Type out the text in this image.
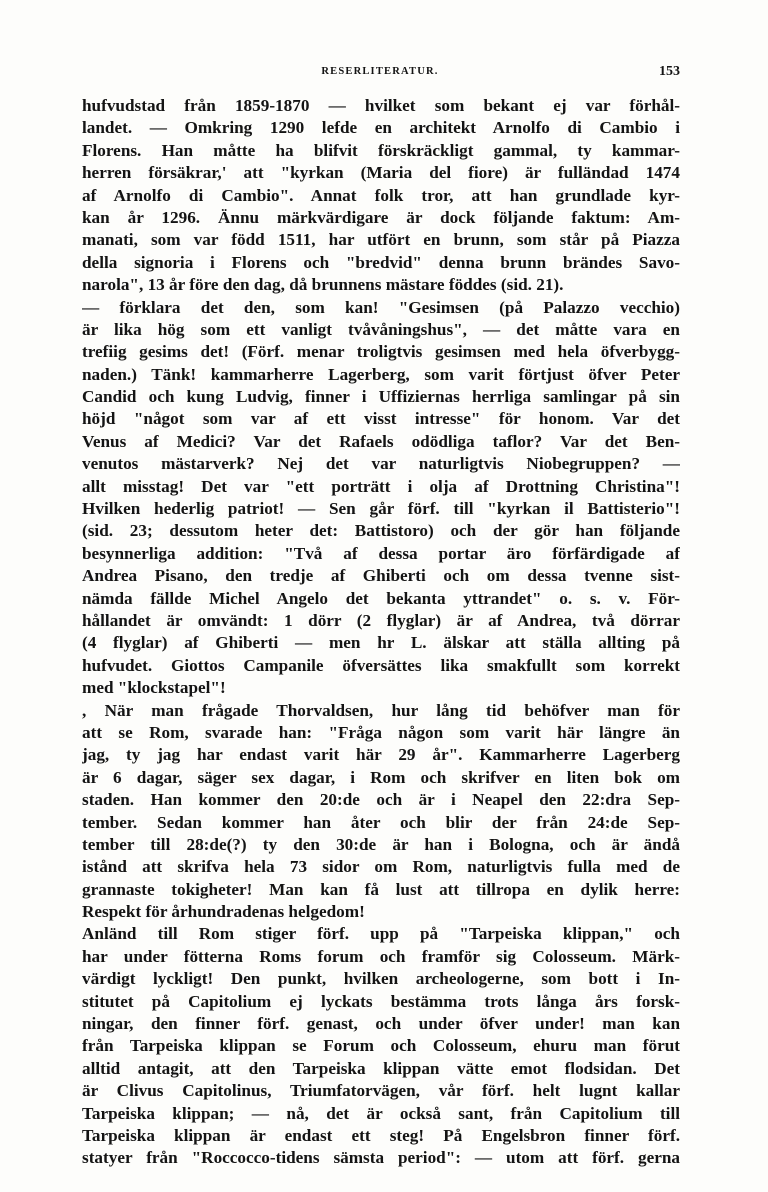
RESERLITERATUR.	153
hufvudstad från 1859-1870 — hvilket som bekant ej var förhål-
landet. — Omkring 1290 lefde en architekt Arnolfo di Cambio i
Florens. Han måtte ha blifvit förskräckligt gammal, ty kammar-
herren försäkrar,' att "kyrkan (Maria del fiore) är fulländad 1474
af Arnolfo di Cambio". Annat folk tror, att han grundlade kyr-
kan år 1296. Ännu märkvärdigare är dock följande faktum: Am-
manati, som var född 1511, har utfört en brunn, som står på Piazza
della signoria i Florens och "bredvid" denna brunn brändes Savo-
narola", 13 år före den dag, då brunnens mästare föddes (sid. 21).
— förklara det den, som kan! "Gesimsen (på Palazzo vecchio)
är lika hög som ett vanligt tvåvåningshus", — det måtte vara en
trefiig gesims det! (Förf. menar troligtvis gesimsen med hela öfverbygg-
naden.) Tänk! kammarherre Lagerberg, som varit förtjust öfver Peter
Candid och kung Ludvig, finner i Uffiziernas herrliga samlingar på sin
höjd "något som var af ett visst intresse" för honom. Var det
Venus af Medici? Var det Rafaels odödliga taflor? Var det Ben-
venutos mästarverk? Nej det var naturligtvis Niobegruppen? —
allt misstag! Det var "ett porträtt i olja af Drottning Christina"!
Hvilken hederlig patriot! — Sen går förf. till "kyrkan il Battisterio"!
(sid. 23; dessutom heter det: Battistoro) och der gör han följande
besynnerliga addition: "Två af dessa portar äro förfärdigade af
Andrea Pisano, den tredje af Ghiberti och om dessa tvenne sist-
nämda fällde Michel Angelo det bekanta yttrandet" o. s. v. För-
hållandet är omvändt: 1 dörr (2 flyglar) är af Andrea, två dörrar
(4 flyglar) af Ghiberti — men hr L. älskar att ställa allting på
hufvudet. Giottos Campanile öfversättes lika smakfullt som korrekt
med "klockstapel"!
, När man frågade Thorvaldsen, hur lång tid behöfver man för
att se Rom, svarade han: "Fråga någon som varit här längre än
jag, ty jag har endast varit här 29 år". Kammarherre Lagerberg
är 6 dagar, säger sex dagar, i Rom och skrifver en liten bok om
staden. Han kommer den 20:de och är i Neapel den 22:dra Sep-
tember. Sedan kommer han åter och blir der från 24:de Sep-
tember till 28:de(?) ty den 30:de är han i Bologna, och är ändå
istånd att skrifva hela 73 sidor om Rom, naturligtvis fulla med de
grannaste tokigheter! Man kan få lust att tillropa en dylik herre:
Respekt för århundradenas helgedom!
Anländ till Rom stiger förf. upp på "Tarpeiska klippan," och
har under fötterna Roms forum och framför sig Colosseum. Märk-
värdigt lyckligt! Den punkt, hvilken archeologerne, som bott i In-
stitutet på Capitolium ej lyckats bestämma trots långa års forsk-
ningar, den finner förf. genast, och under öfver under! man kan
från Tarpeiska klippan se Forum och Colosseum, ehuru man förut
alltid antagit, att den Tarpeiska klippan vätte emot flodsidan. Det
är Clivus Capitolinus, Triumfatorvägen, vår förf. helt lugnt kallar
Tarpeiska klippan; — nå, det är också sant, från Capitolium till
Tarpeiska klippan är endast ett steg! På Engelsbron finner förf.
statyer från "Roccocco-tidens sämsta period": — utom att förf. gerna
